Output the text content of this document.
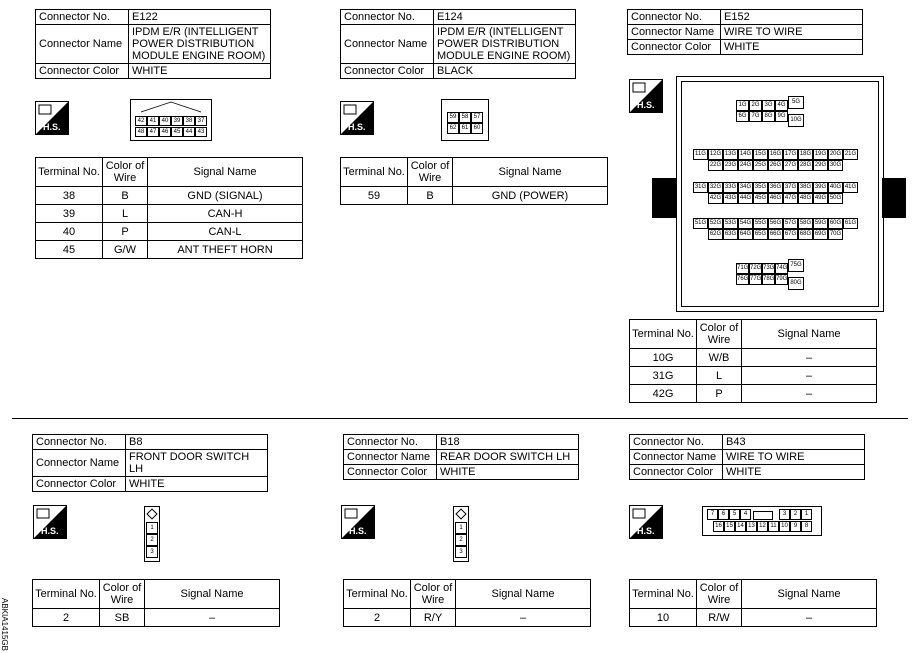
Connector No.	E122
Connector Name	IPDM E/R (INTELLIGENT POWER DISTRIBUTION MODULE ENGINE ROOM)
Connector Color	WHITE
H.S.
42 41 40 39 38 37
48 47 46 45 44 43
Terminal No.	Color of Wire	Signal Name
38	B	GND (SIGNAL)
39	L	CAN-H
40	P	CAN-L
45	G/W	ANT THEFT HORN
Connector No.	E124
Connector Name	IPDM E/R (INTELLIGENT POWER DISTRIBUTION MODULE ENGINE ROOM)
Connector Color	BLACK
H.S.
59 58 57
62 61 60
Terminal No.	Color of Wire	Signal Name
59	B	GND (POWER)
Connector No.	E152
Connector Name	WIRE TO WIRE
Connector Color	WHITE
H.S.	1G 2G 3G 4G
6G 7G 8G 9G
5G
10G
11G 12G 13G 14G 15G 16G 17G 18G 19G 20G 21G
22G 23G 24G 25G 26G 27G 28G 29G 30G
31G 32G 33G 34G 35G 36G 37G 38G 39G 40G 41G
42G 43G 44G 45G 46G 47G 48G 49G 50G
51G 52G 53G 54G 55G 56G 57G 58G 59G 60G 61G
62G 63G 64G 65G 66G 67G 68G 69G 70G
71G 72G 73G 74G
76G 77G 78G 79G
75G
80G
Terminal No.	Color of Wire	Signal Name
10G	W/B	–
31G	L	–
42G	P	–
Connector No.	B8
Connector Name	FRONT DOOR SWITCH LH
Connector Color	WHITE
H.S.	1
2
3
Terminal No.	Color of Wire	Signal Name
2	SB	–
Connector No.	B18
Connector Name	REAR DOOR SWITCH LH
Connector Color	WHITE
H.S.	1
2
3
Terminal No.	Color of Wire	Signal Name
2	R/Y	–
Connector No.	B43
Connector Name	WIRE TO WIRE
Connector Color	WHITE
H.S.
7	6	5	4	3	2	1
16 15 14 13 12 11 10 9	8
Terminal No.	Color of Wire	Signal Name
10	R/W	–
ABKIA1415GB
